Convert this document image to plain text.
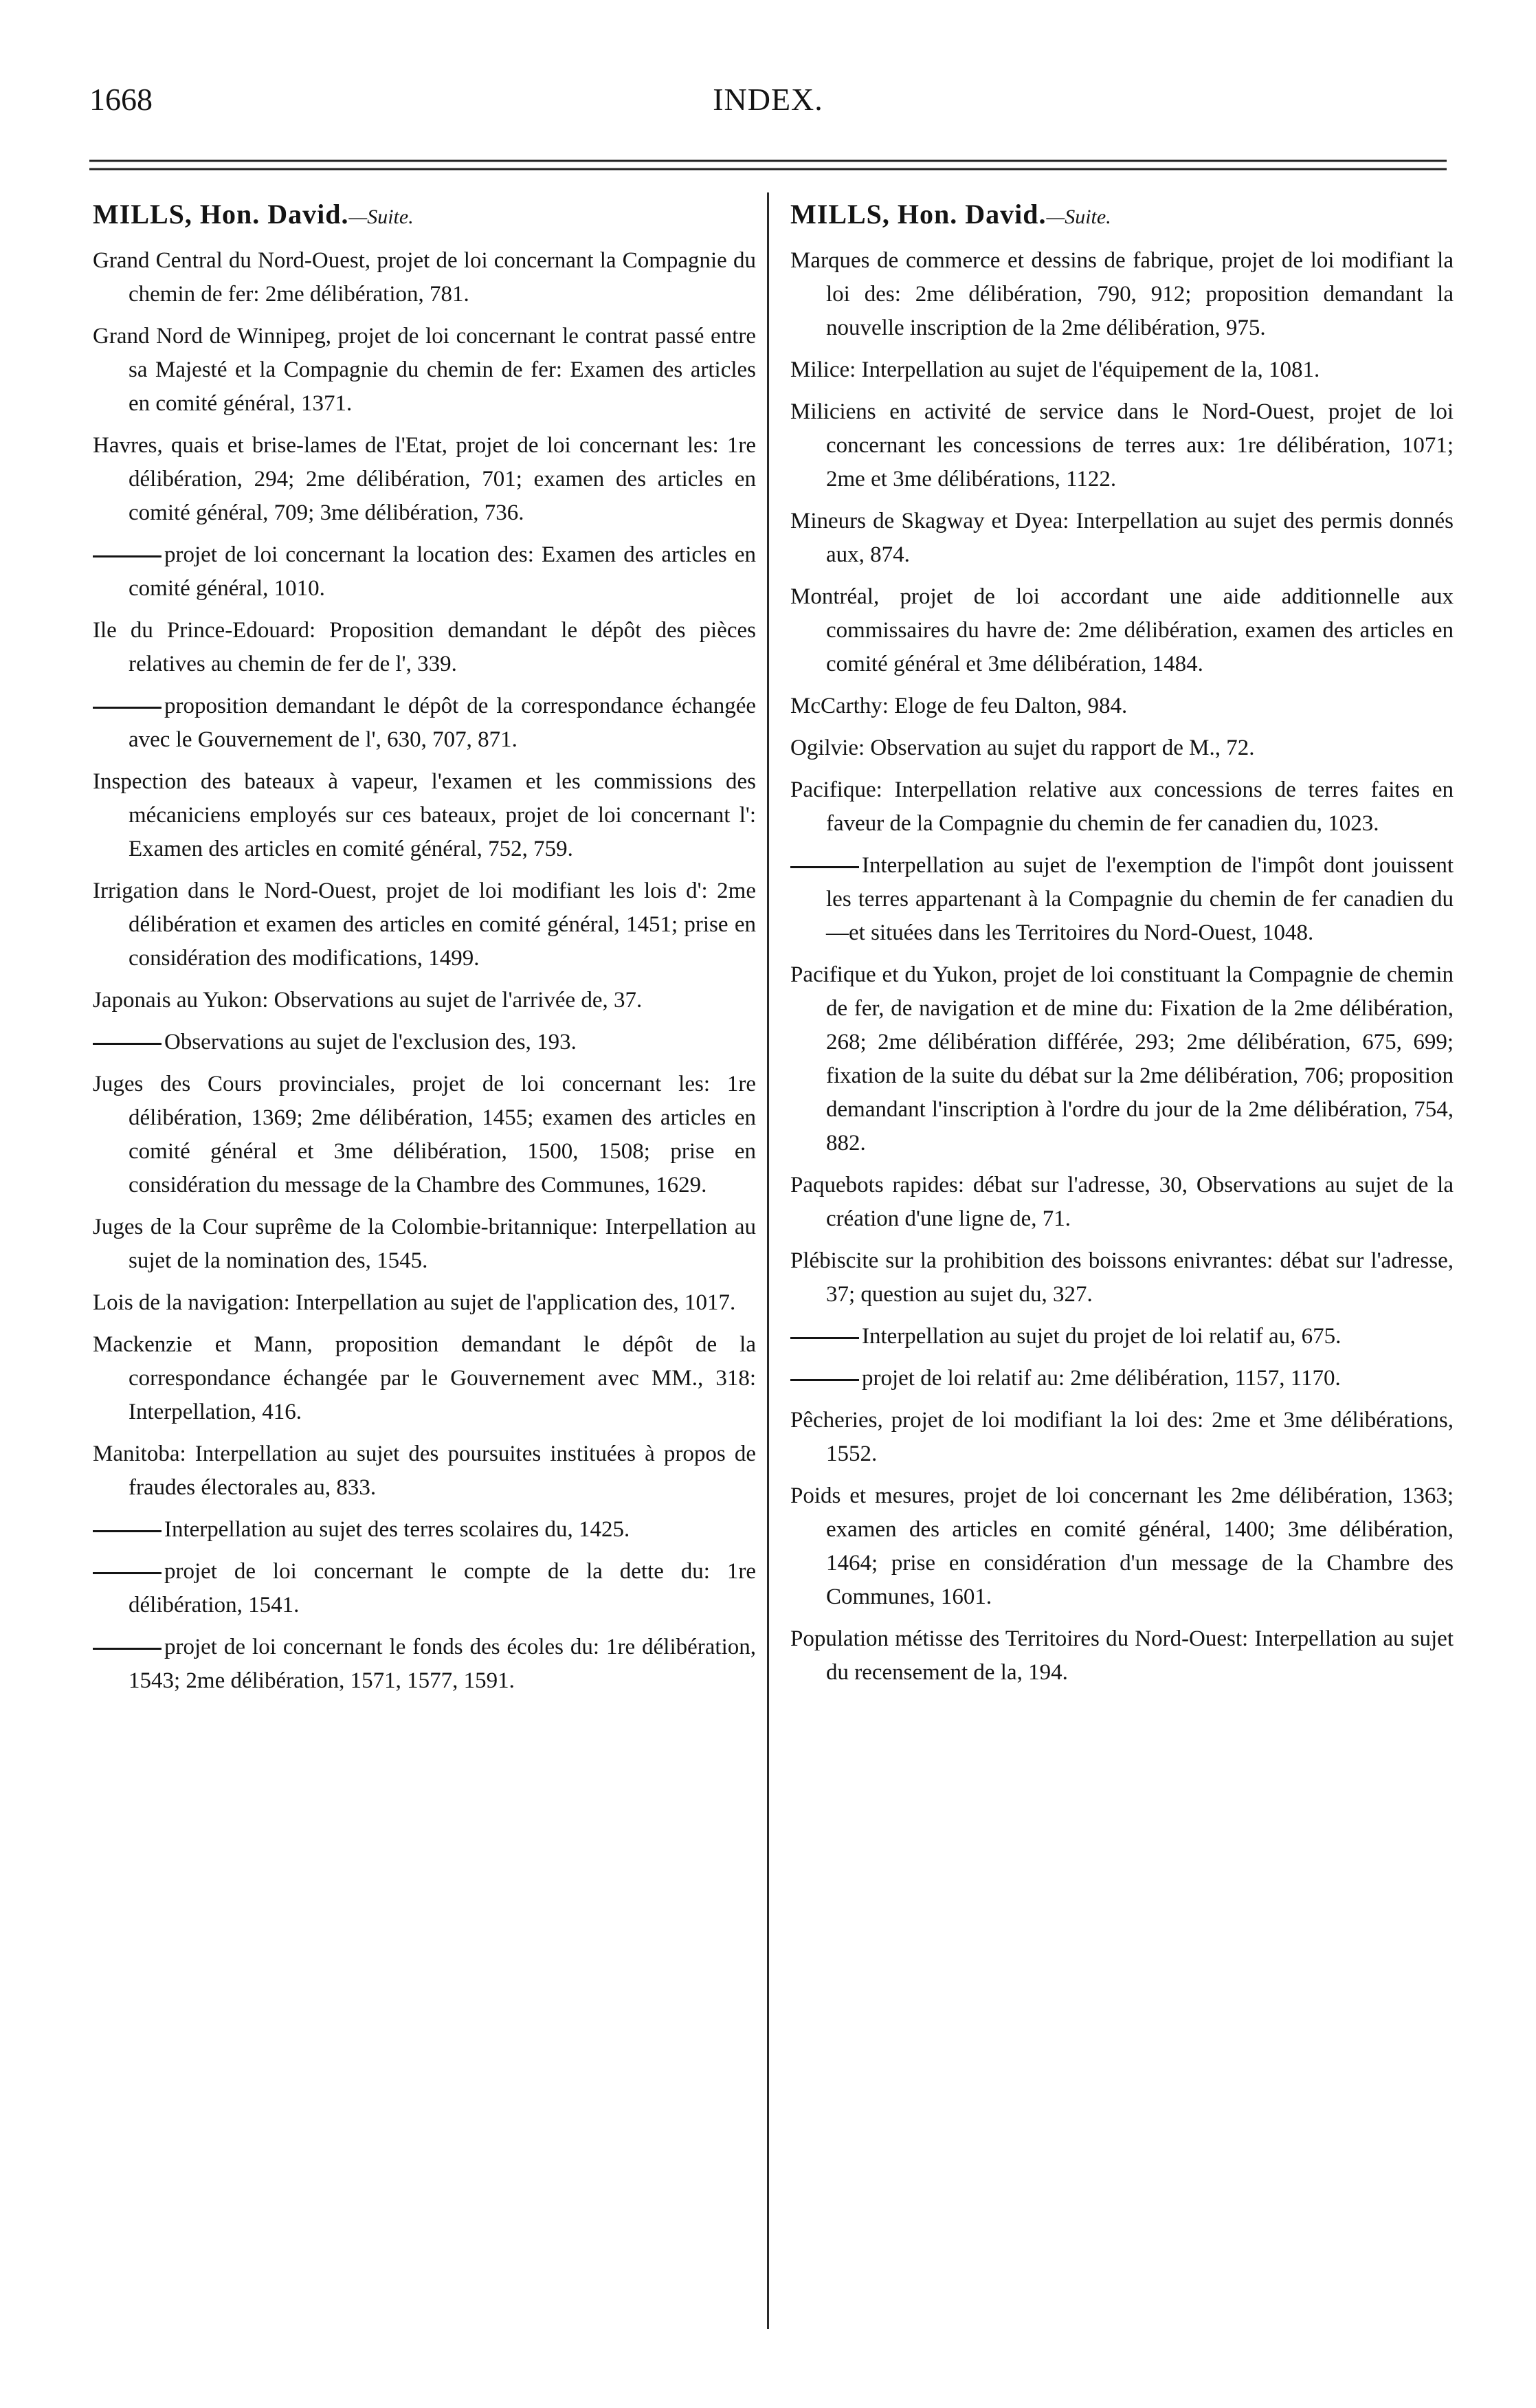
1668	INDEX.
MILLS, Hon. David.—Suite.
Grand Central du Nord-Ouest, projet de loi concernant la Compagnie du chemin de fer: 2me délibération, 781.
Grand Nord de Winnipeg, projet de loi concernant le contrat passé entre sa Majesté et la Compagnie du chemin de fer: Examen des articles en comité général, 1371.
Havres, quais et brise-lames de l'Etat, projet de loi concernant les: 1re délibération, 294; 2me délibération, 701; examen des articles en comité général, 709; 3me délibération, 736.
projet de loi concernant la location des: Examen des articles en comité général, 1010.
Ile du Prince-Edouard: Proposition demandant le dépôt des pièces relatives au chemin de fer de l', 339.
proposition demandant le dépôt de la correspondance échangée avec le Gouvernement de l', 630, 707, 871.
Inspection des bateaux à vapeur, l'examen et les commissions des mécaniciens employés sur ces bateaux, projet de loi concernant l': Examen des articles en comité général, 752, 759.
Irrigation dans le Nord-Ouest, projet de loi modifiant les lois d': 2me délibération et examen des articles en comité général, 1451; prise en considération des modifications, 1499.
Japonais au Yukon: Observations au sujet de l'arrivée de, 37.
Observations au sujet de l'exclusion des, 193.
Juges des Cours provinciales, projet de loi concernant les: 1re délibération, 1369; 2me délibération, 1455; examen des articles en comité général et 3me délibération, 1500, 1508; prise en considération du message de la Chambre des Communes, 1629.
Juges de la Cour suprême de la Colombie-britannique: Interpellation au sujet de la nomination des, 1545.
Lois de la navigation: Interpellation au sujet de l'application des, 1017.
Mackenzie et Mann, proposition demandant le dépôt de la correspondance échangée par le Gouvernement avec MM., 318: Interpellation, 416.
Manitoba: Interpellation au sujet des poursuites instituées à propos de fraudes électorales au, 833.
Interpellation au sujet des terres scolaires du, 1425.
projet de loi concernant le compte de la dette du: 1re délibération, 1541.
projet de loi concernant le fonds des écoles du: 1re délibération, 1543; 2me délibération, 1571, 1577, 1591.
MILLS, Hon. David.—Suite.
Marques de commerce et dessins de fabrique, projet de loi modifiant la loi des: 2me délibération, 790, 912; proposition demandant la nouvelle inscription de la 2me délibération, 975.
Milice: Interpellation au sujet de l'équipement de la, 1081.
Miliciens en activité de service dans le Nord-Ouest, projet de loi concernant les concessions de terres aux: 1re délibération, 1071; 2me et 3me délibérations, 1122.
Mineurs de Skagway et Dyea: Interpellation au sujet des permis donnés aux, 874.
Montréal, projet de loi accordant une aide additionnelle aux commissaires du havre de: 2me délibération, examen des articles en comité général et 3me délibération, 1484.
McCarthy: Eloge de feu Dalton, 984.
Ogilvie: Observation au sujet du rapport de M., 72.
Pacifique: Interpellation relative aux concessions de terres faites en faveur de la Compagnie du chemin de fer canadien du, 1023.
Interpellation au sujet de l'exemption de l'impôt dont jouissent les terres appartenant à la Compagnie du chemin de fer canadien du—et situées dans les Territoires du Nord-Ouest, 1048.
Pacifique et du Yukon, projet de loi constituant la Compagnie de chemin de fer, de navigation et de mine du: Fixation de la 2me délibération, 268; 2me délibération différée, 293; 2me délibération, 675, 699; fixation de la suite du débat sur la 2me délibération, 706; proposition demandant l'inscription à l'ordre du jour de la 2me délibération, 754, 882.
Paquebots rapides: débat sur l'adresse, 30, Observations au sujet de la création d'une ligne de, 71.
Plébiscite sur la prohibition des boissons enivrantes: débat sur l'adresse, 37; question au sujet du, 327.
Interpellation au sujet du projet de loi relatif au, 675.
projet de loi relatif au: 2me délibération, 1157, 1170.
Pêcheries, projet de loi modifiant la loi des: 2me et 3me délibérations, 1552.
Poids et mesures, projet de loi concernant les 2me délibération, 1363; examen des articles en comité général, 1400; 3me délibération, 1464; prise en considération d'un message de la Chambre des Communes, 1601.
Population métisse des Territoires du Nord-Ouest: Interpellation au sujet du recensement de la, 194.
